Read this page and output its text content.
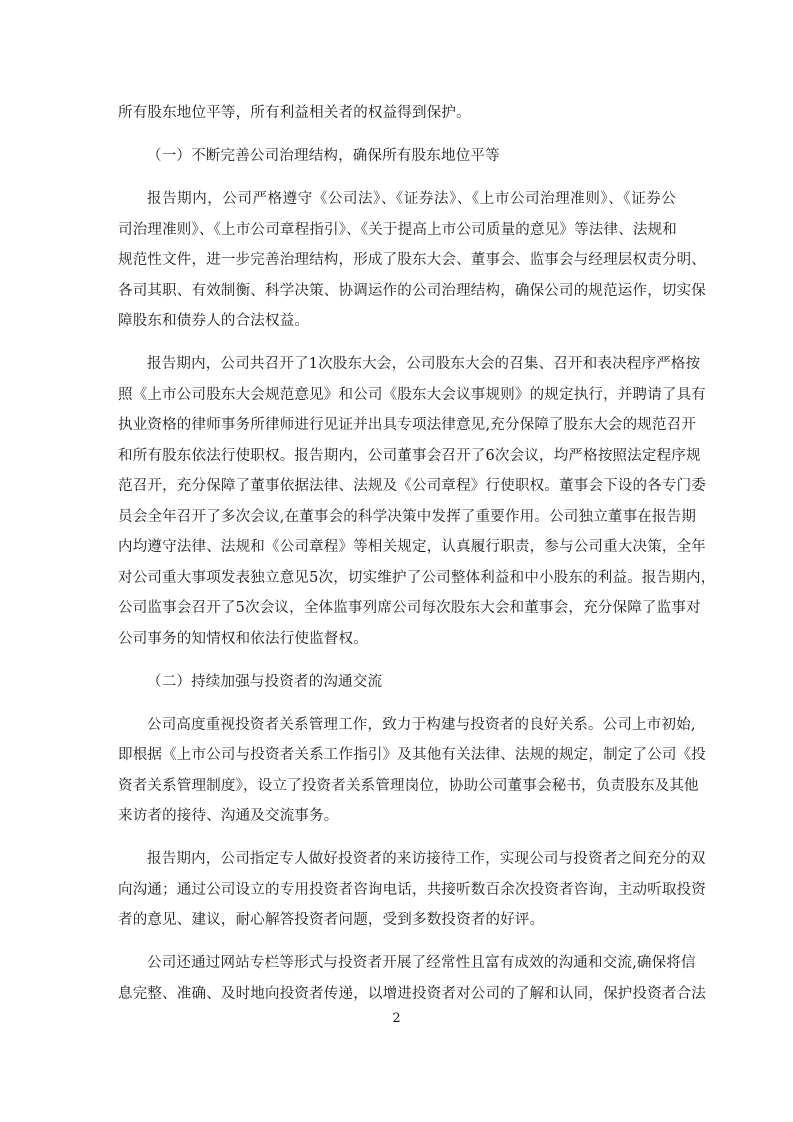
所有股东地位平等，所有利益相关者的权益得到保护。
（一）不断完善公司治理结构，确保所有股东地位平等
报告期内，公司严格遵守《公司法》、《证券法》、《上市公司治理准则》、《证券公
司治理准则》、《上市公司章程指引》、《关于提高上市公司质量的意见》等法律、法规和
规范性文件，进一步完善治理结构，形成了股东大会、董事会、监事会与经理层权责分明、
各司其职、有效制衡、科学决策、协调运作的公司治理结构，确保公司的规范运作，切实保
障股东和债券人的合法权益。
报告期内，公司共召开了1次股东大会，公司股东大会的召集、召开和表决程序严格按
照《上市公司股东大会规范意见》和公司《股东大会议事规则》的规定执行，并聘请了具有
执业资格的律师事务所律师进行见证并出具专项法律意见,充分保障了股东大会的规范召开
和所有股东依法行使职权。报告期内，公司董事会召开了6次会议，均严格按照法定程序规
范召开，充分保障了董事依据法律、法规及《公司章程》行使职权。董事会下设的各专门委
员会全年召开了多次会议,在董事会的科学决策中发挥了重要作用。公司独立董事在报告期
内均遵守法律、法规和《公司章程》等相关规定，认真履行职责，参与公司重大决策，全年
对公司重大事项发表独立意见5次，切实维护了公司整体利益和中小股东的利益。报告期内，
公司监事会召开了5次会议，全体监事列席公司每次股东大会和董事会，充分保障了监事对
公司事务的知情权和依法行使监督权。
（二）持续加强与投资者的沟通交流
公司高度重视投资者关系管理工作，致力于构建与投资者的良好关系。公司上市初始,
即根据《上市公司与投资者关系工作指引》及其他有关法律、法规的规定，制定了公司《投
资者关系管理制度》，设立了投资者关系管理岗位，协助公司董事会秘书，负责股东及其他
来访者的接待、沟通及交流事务。
报告期内，公司指定专人做好投资者的来访接待工作，实现公司与投资者之间充分的双
向沟通；通过公司设立的专用投资者咨询电话，共接听数百余次投资者咨询，主动听取投资
者的意见、建议，耐心解答投资者问题，受到多数投资者的好评。
公司还通过网站专栏等形式与投资者开展了经常性且富有成效的沟通和交流,确保将信
息完整、准确、及时地向投资者传递，以增进投资者对公司的了解和认同，保护投资者合法
2
